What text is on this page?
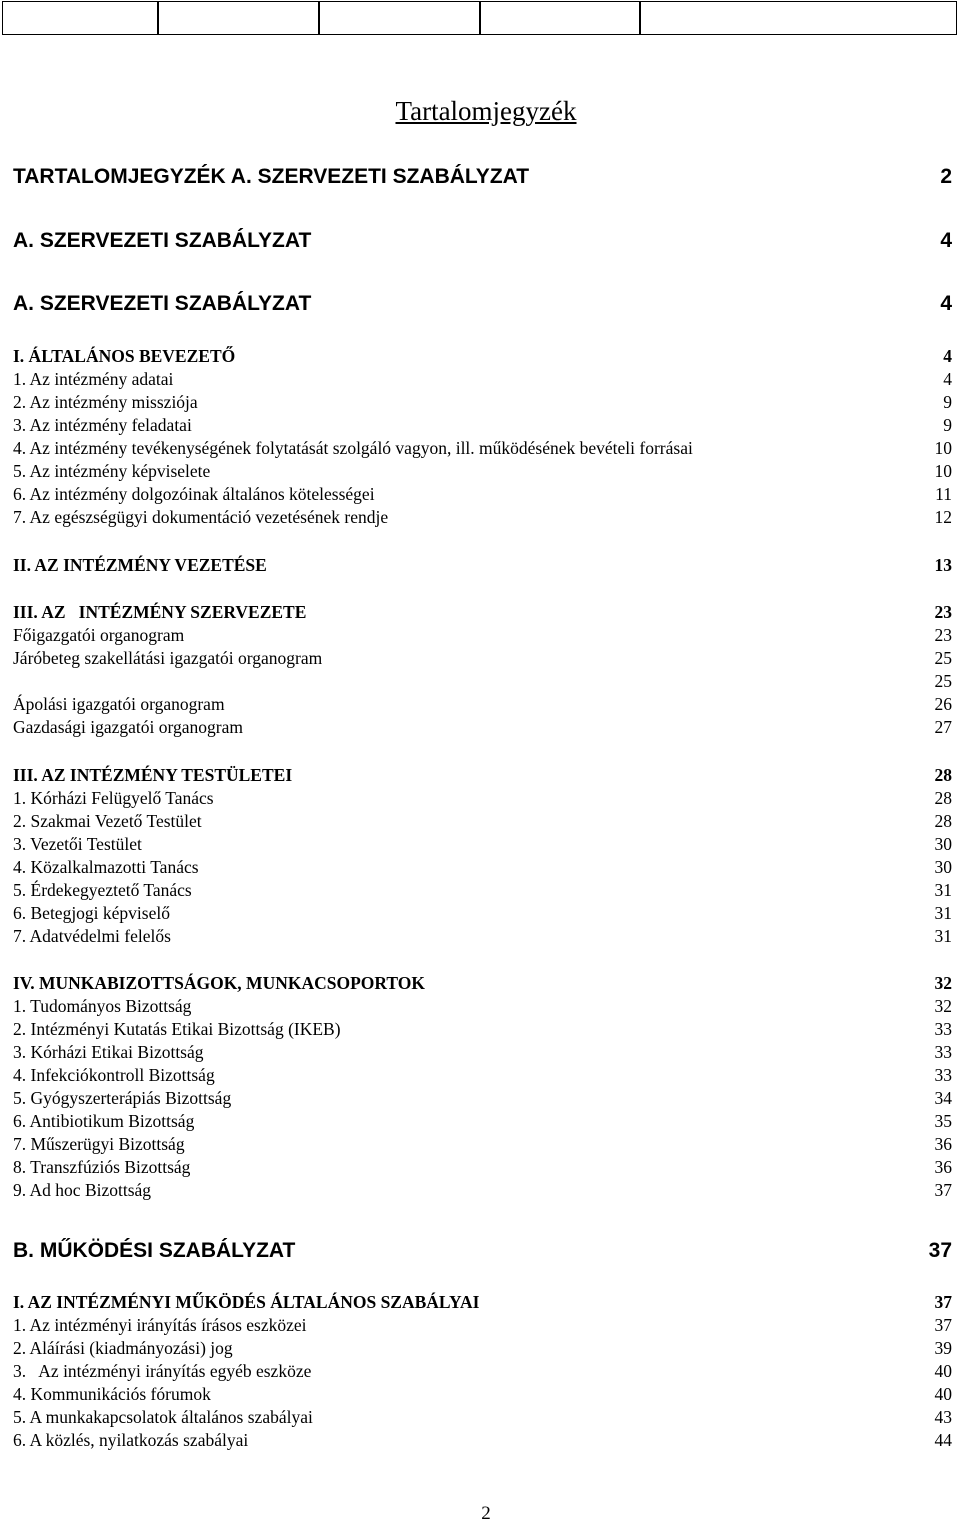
Tartalomjegyzék
TARTALOMJEGYZÉK A. SZERVEZETI SZABÁLYZAT	2
A. SZERVEZETI SZABÁLYZAT	4
A. SZERVEZETI SZABÁLYZAT	4
I. ÁLTALÁNOS BEVEZETŐ	4
1. Az intézmény adatai	4
2. Az intézmény missziója	9
3. Az intézmény feladatai	9
4. Az intézmény tevékenységének folytatását szolgáló vagyon, ill. működésének bevételi forrásai	10
5. Az intézmény képviselete	10
6. Az intézmény dolgozóinak általános kötelességei	11
7. Az egészségügyi dokumentáció vezetésének rendje	12
II. AZ INTÉZMÉNY VEZETÉSE	13
III. AZ   INTÉZMÉNY SZERVEZETE	23
Főigazgatói organogram	23
Járóbeteg szakellátási igazgatói organogram	25
25
Ápolási igazgatói organogram	26
Gazdasági igazgatói organogram	27
III. AZ INTÉZMÉNY TESTÜLETEI	28
1. Kórházi Felügyelő Tanács	28
2. Szakmai Vezető Testület	28
3. Vezetői Testület	30
4. Közalkalmazotti Tanács	30
5. Érdekegyeztető Tanács	31
6. Betegjogi képviselő	31
7. Adatvédelmi felelős	31
IV. MUNKABIZOTTSÁGOK, MUNKACSOPORTOK	32
1. Tudományos Bizottság	32
2. Intézményi Kutatás Etikai Bizottság (IKEB)	33
3. Kórházi Etikai Bizottság	33
4. Infekciókontroll Bizottság	33
5. Gyógyszerterápiás Bizottság	34
6. Antibiotikum Bizottság	35
7. Műszerügyi Bizottság	36
8. Transzfúziós Bizottság	36
9. Ad hoc Bizottság	37
B. MŰKÖDÉSI SZABÁLYZAT	37
I. AZ INTÉZMÉNYI MŰKÖDÉS ÁLTALÁNOS SZABÁLYAI	37
1. Az intézményi irányítás írásos eszközei	37
2. Aláírási (kiadmányozási) jog	39
3.   Az intézményi irányítás egyéb eszköze	40
4. Kommunikációs fórumok	40
5. A munkakapcsolatok általános szabályai	43
6. A közlés, nyilatkozás szabályai	44
2
